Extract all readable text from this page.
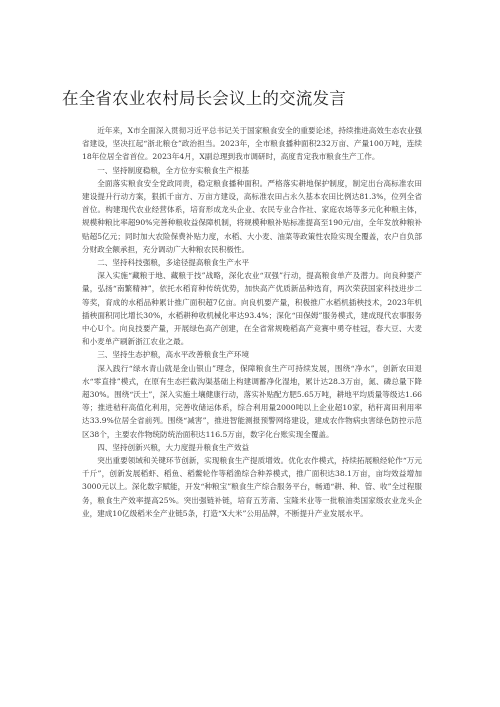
在全省农业农村局长会议上的交流发言

近年来，X市全面深入贯彻习近平总书记关于国家粮食安全的重要论述，持续推进高效生态农业强省建设，坚决扛起“浙北粮仓”政治担当。2023年，全市粮食播种面积232万亩、产量100万吨，连续18年位居全省首位。2023年4月，X副总理到我市调研时，高度肯定我市粮食生产工作。

一、坚持制度稳粮，全方位夯实粮食生产根基

全面落实粮食安全党政同责，稳定粮食播种面积。严格落实耕地保护制度，制定出台高标准农田建设提升行动方案，狠抓千亩方、万亩方建设，高标准农田占永久基本农田比例达81.3%，位列全省首位。构建现代农业经营体系，培育形成龙头企业、农民专业合作社、家庭农场等多元化种粮主体，规模种粮比率超90%完善种粮收益保障机制，将规模种粮补贴标准提高至190元/亩，全年发放种粮补贴超5亿元；同时加大农险保费补贴力度，水稻、大小麦、油菜等政策性农险实现全覆盖，农户自负部分财政全额承担，充分调动广大种粮农民积极性。

二、坚持科技强粮，多途径提高粮食生产水平

深入实施“藏粮于地、藏粮于技”战略，深化农业“双强”行动，提高粮食单产及潜力。向良种要产量，弘扬“南繁精神”，依托水稻育种传统优势，加快高产优质新品种选育，两次荣获国家科技进步二等奖，育成的水稻品种累计推广面积超7亿亩。向良机要产量，积极推广水稻机插秧技术，2023年机插秧面积同比增长30%，水稻耕种收机械化率达93.4%；深化“田保姆”服务模式，建成现代农事服务中心U个。向良技要产量，开展绿色高产创建，在全省常规晚稻高产竞赛中勇夺桂冠，春大豆、大麦和小麦单产刷新浙江农业之最。

三、坚持生态护粮，高水平改善粮食生产环境

深入践行“绿水青山就是金山银山”理念，保障粮食生产可持续发展，围绕“净水”，创新农田退水“零直排”模式，在原有生态拦截沟渠基础上构建调蓄净化湿地，累计达28.3万亩，氮、磷总量下降超30%。围绕“沃土”，深入实施土壤健康行动，落实补贴配方肥5.65万吨，耕地平均质量等级达1.66等；推进秸秆高值化利用，完善收储运体系，综合利用量2000吨以上企业超10家，秸秆离田利用率达33.9%位居全省前列。围绕“减害”，推进智能测报预警网络建设，建成农作物病虫害绿色防控示范区38个，主要农作物统防统治面积达116.5万亩，数字化台账实现全覆盖。

四、坚持创新兴粮，大力度提升粮食生产效益

突出重要领域和关键环节创新，实现粮食生产提质增效。优化农作模式，持续拓展粮经轮作“万元千斤”，创新发展稻虾、稻鱼、稻鳖轮作等稻渔综合种养模式，推广面积达38.1万亩，亩均效益增加3000元以上。深化数字赋能，开发“种粮宝”粮食生产综合服务平台，畅通“耕、种、管、收”全过程服务，粮食生产效率提高25%。突出强链补链，培育五芳斋、宝隆米业等一批粮油类国家级农业龙头企业，建成10亿级稻米全产业链5条，打造“X大米”公用品牌，不断提升产业发展水平。
